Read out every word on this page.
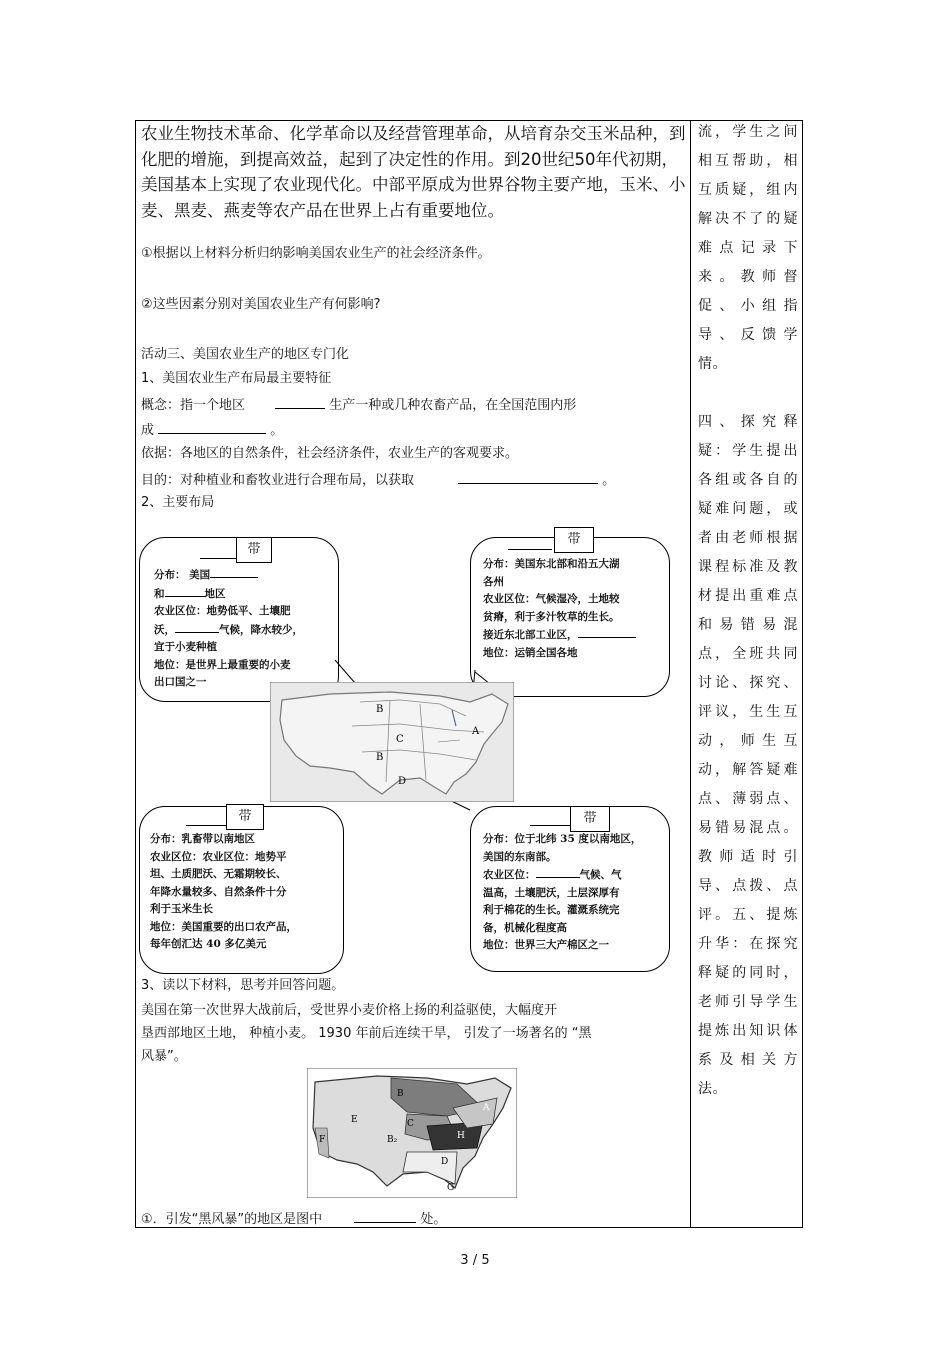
农业生物技术革命、化学革命以及经营管理革命，从培育杂交玉米品种，到化肥的增施，到提高效益，起到了决定性的作用。到20世纪50年代初期，美国基本上实现了农业现代化。中部平原成为世界谷物主要产地，玉米、小麦、黑麦、燕麦等农产品在世界上占有重要地位。

①根据以上材料分析归纳影响美国农业生产的社会经济条件。

②这些因素分别对美国农业生产有何影响?

活动三、美国农业生产的地区专门化

1、美国农业生产布局最主要特征

概念：指一个地区	生产一种或几种农畜产品，在全国范围内形

成	。

依据：各地区的自然条件，社会经济条件，农业生产的客观要求。

目的：对种植业和畜牧业进行合理布局，以获取	。

2、主要布局

分布： 美国
和	地区
农业区位：地势低平、土壤肥
沃，	气候，降水较少，
宜于小麦种植
地位：是世界上最重要的小麦
出口国之一
带
分布：美国东北部和沿五大湖
各州
农业区位：气候湿冷，土地较
贫瘠，利于多汁牧草的生长。
接近东北部工业区，
地位：运销全国各地
带
分布：乳畜带以南地区
农业区位：农业区位：地势平
坦、土质肥沃、无霜期较长、
年降水量较多、自然条件十分
利于玉米生长
地位：美国重要的出口农产品，
每年创汇达 40 多亿美元
带
分布：位于北纬 35 度以南地区，
美国的东南部。
农业区位：	气候、气
温高，土壤肥沃，土层深厚有
利于棉花的生长。灌溉系统完
备，机械化程度高
地位：世界三大产棉区之一
带
B
A
C
B
D

3、读以下材料，思考并回答问题。

美国在第一次世界大战前后，受世界小麦价格上扬的利益驱使，大幅度开

垦西部地区土地， 种植小麦。 1930 年前后连续干旱， 引发了一场著名的 “黑

风暴”。

B
A
C
E
B₂	H
F
D
G

①．引发“黑风暴”的地区是图中	处。

流，学生之间相互帮助，相互质疑，组内解决不了的疑难点记录下来。教师督促、小组指导、反馈学情。

四、探究释疑：学生提出各组或各自的疑难问题，或者由老师根据课程标准及教材提出重难点和易错易混点，全班共同讨论、探究、评议，生生互动，师生互动，解答疑难点、薄弱点、易错易混点。教师适时引导、点拨、点评。五、提炼升华：在探究释疑的同时，老师引导学生提炼出知识体系及相关方法。
3 / 5
